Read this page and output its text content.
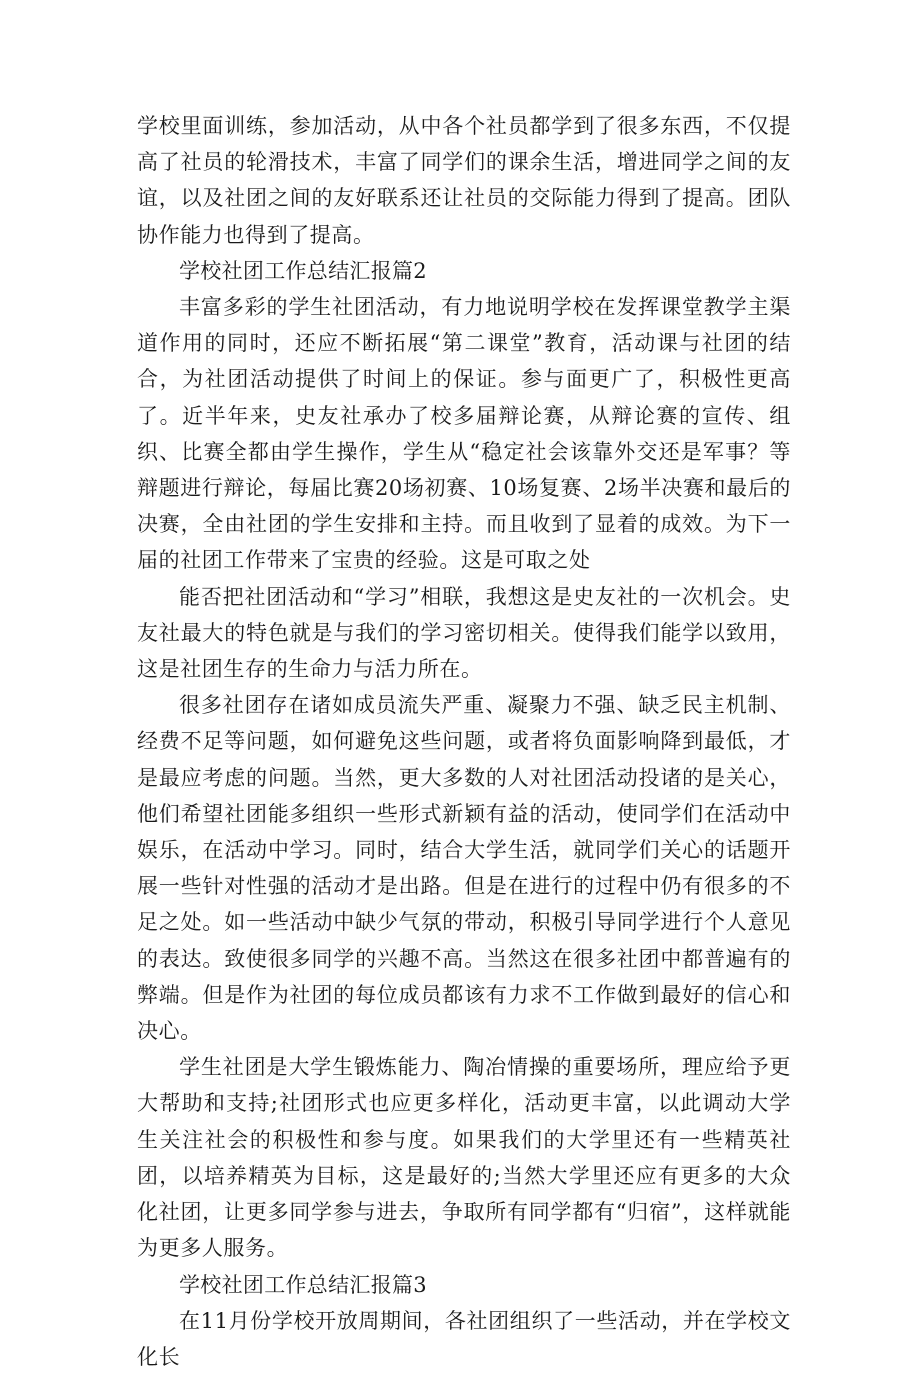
学校里面训练，参加活动，从中各个社员都学到了很多东西，不仅提高了社员的轮滑技术，丰富了同学们的课余生活，增进同学之间的友谊，以及社团之间的友好联系还让社员的交际能力得到了提高。团队协作能力也得到了提高。

学校社团工作总结汇报篇2

丰富多彩的学生社团活动，有力地说明学校在发挥课堂教学主渠道作用的同时，还应不断拓展“第二课堂”教育，活动课与社团的结合，为社团活动提供了时间上的保证。参与面更广了，积极性更高了。近半年来，史友社承办了校多届辩论赛，从辩论赛的宣传、组织、比赛全都由学生操作，学生从“稳定社会该靠外交还是军事？等辩题进行辩论，每届比赛20场初赛、10场复赛、2场半决赛和最后的决赛，全由社团的学生安排和主持。而且收到了显着的成效。为下一届的社团工作带来了宝贵的经验。这是可取之处

能否把社团活动和“学习”相联，我想这是史友社的一次机会。史友社最大的特色就是与我们的学习密切相关。使得我们能学以致用，这是社团生存的生命力与活力所在。

很多社团存在诸如成员流失严重、凝聚力不强、缺乏民主机制、经费不足等问题，如何避免这些问题，或者将负面影响降到最低，才是最应考虑的问题。当然，更大多数的人对社团活动投诸的是关心，他们希望社团能多组织一些形式新颖有益的活动，使同学们在活动中娱乐，在活动中学习。同时，结合大学生活，就同学们关心的话题开展一些针对性强的活动才是出路。但是在进行的过程中仍有很多的不足之处。如一些活动中缺少气氛的带动，积极引导同学进行个人意见的表达。致使很多同学的兴趣不高。当然这在很多社团中都普遍有的弊端。但是作为社团的每位成员都该有力求不工作做到最好的信心和决心。

学生社团是大学生锻炼能力、陶冶情操的重要场所，理应给予更大帮助和支持;社团形式也应更多样化，活动更丰富，以此调动大学生关注社会的积极性和参与度。如果我们的大学里还有一些精英社团，以培养精英为目标，这是最好的;当然大学里还应有更多的大众化社团，让更多同学参与进去，争取所有同学都有“归宿”，这样就能为更多人服务。

学校社团工作总结汇报篇3

在11月份学校开放周期间，各社团组织了一些活动，并在学校文化长
